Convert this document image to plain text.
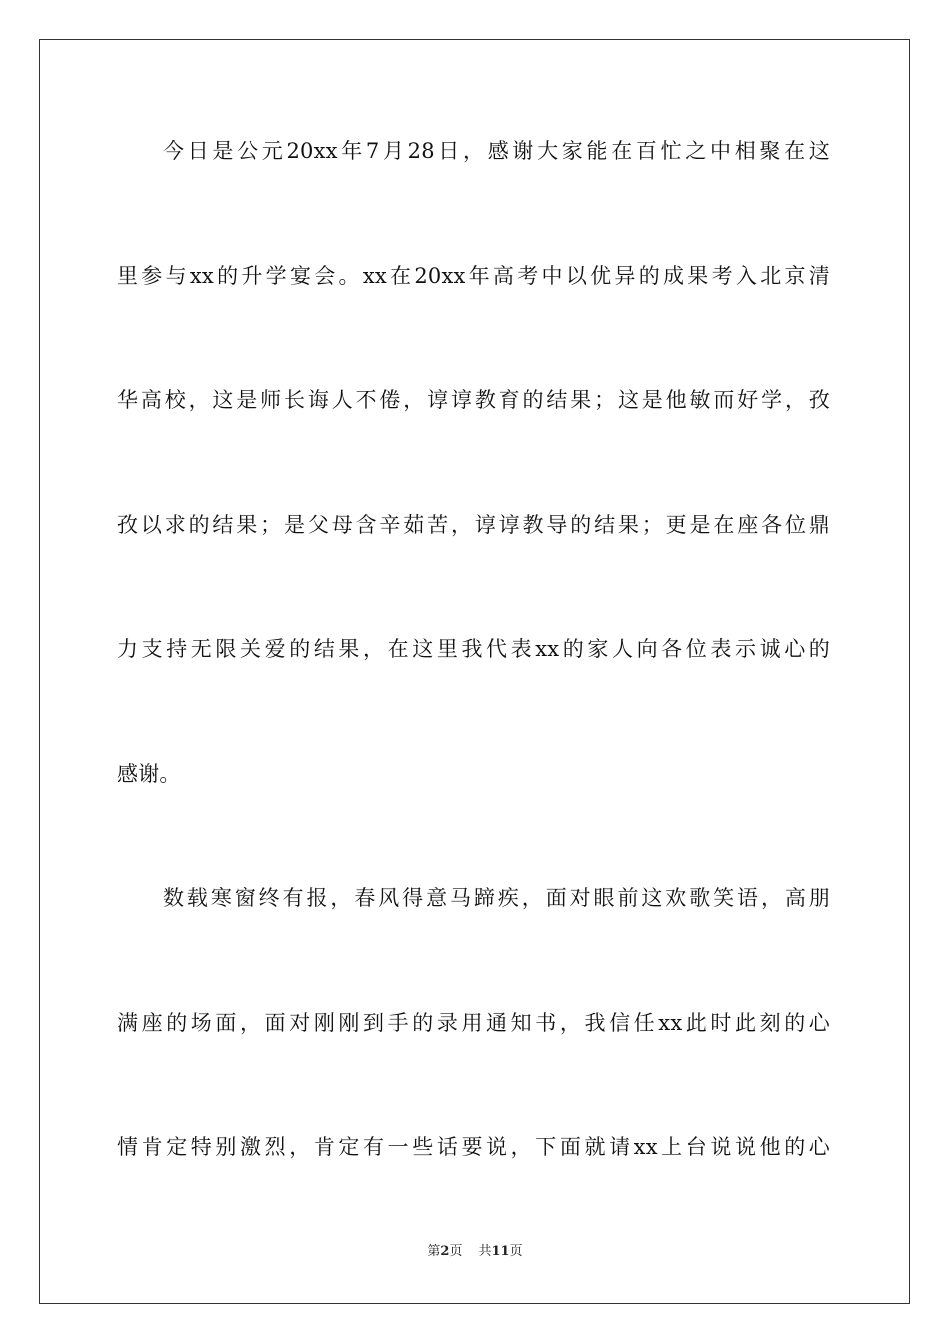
今日是公元20xx年7月28日，感谢大家能在百忙之中相聚在这
里参与xx的升学宴会。xx在20xx年高考中以优异的成果考入北京清
华高校，这是师长诲人不倦，谆谆教育的结果；这是他敏而好学，孜
孜以求的结果；是父母含辛茹苦，谆谆教导的结果；更是在座各位鼎
力支持无限关爱的结果，在这里我代表xx的家人向各位表示诚心的
感谢。
数载寒窗终有报，春风得意马蹄疾，面对眼前这欢歌笑语，高朋
满座的场面，面对刚刚到手的录用通知书，我信任xx此时此刻的心
情肯定特别激烈，肯定有一些话要说，下面就请xx上台说说他的心
第2页 共11页
